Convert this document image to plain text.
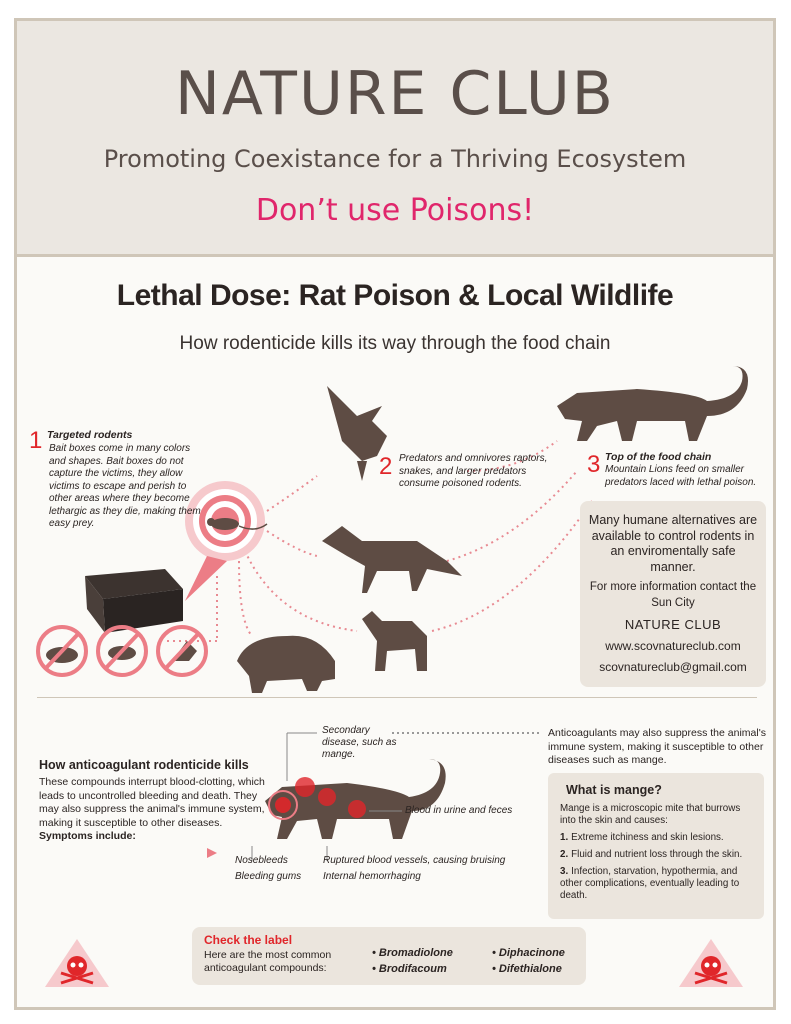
NATURE CLUB
Promoting Coexistance for a Thriving Ecosystem
Don’t use Poisons!
Lethal Dose: Rat Poison & Local Wildlife
How rodenticide kills its way through the food chain
1 Targeted rodents
Bait boxes come in many colors and shapes. Bait boxes do not capture the victims, they allow victims to escape and perish to other areas where they become lethargic as they die, making them easy prey.
2 Predators and omnivores raptors, snakes, and larger predators consume poisoned rodents.
3 Top of the food chain
Mountain Lions feed on smaller predators laced with lethal poison.
Many humane alternatives are available to control rodents in an enviromentally safe manner.
For more information contact the Sun City
NATURE CLUB
www.scovnatureclub.com
scovnatureclub@gmail.com
How anticoagulant rodenticide kills
These compounds interrupt blood-clotting, which leads to uncontrolled bleeding and death. They may also suppress the animal's immune system, making it susceptible to other diseases. Symptoms include:
Secondary disease, such as mange.
Blood in urine and feces
Nosebleeds
Bleeding gums
Ruptured blood vessels, causing bruising
Internal hemorrhaging
Anticoagulants may also suppress the animal's immune system, making it susceptible to other diseases such as mange.
What is mange?

Mange is a microscopic mite that burrows into the skin and causes:

1. Extreme itchiness and skin lesions.
2. Fluid and nutrient loss through the skin.
3. Infection, starvation, hypothermia, and other complications, eventually leading to death.
Check the label
Here are the most common anticoagulant compounds:
• Bromadiolone
• Brodifacoum
• Diphacinone
• Difethialone
